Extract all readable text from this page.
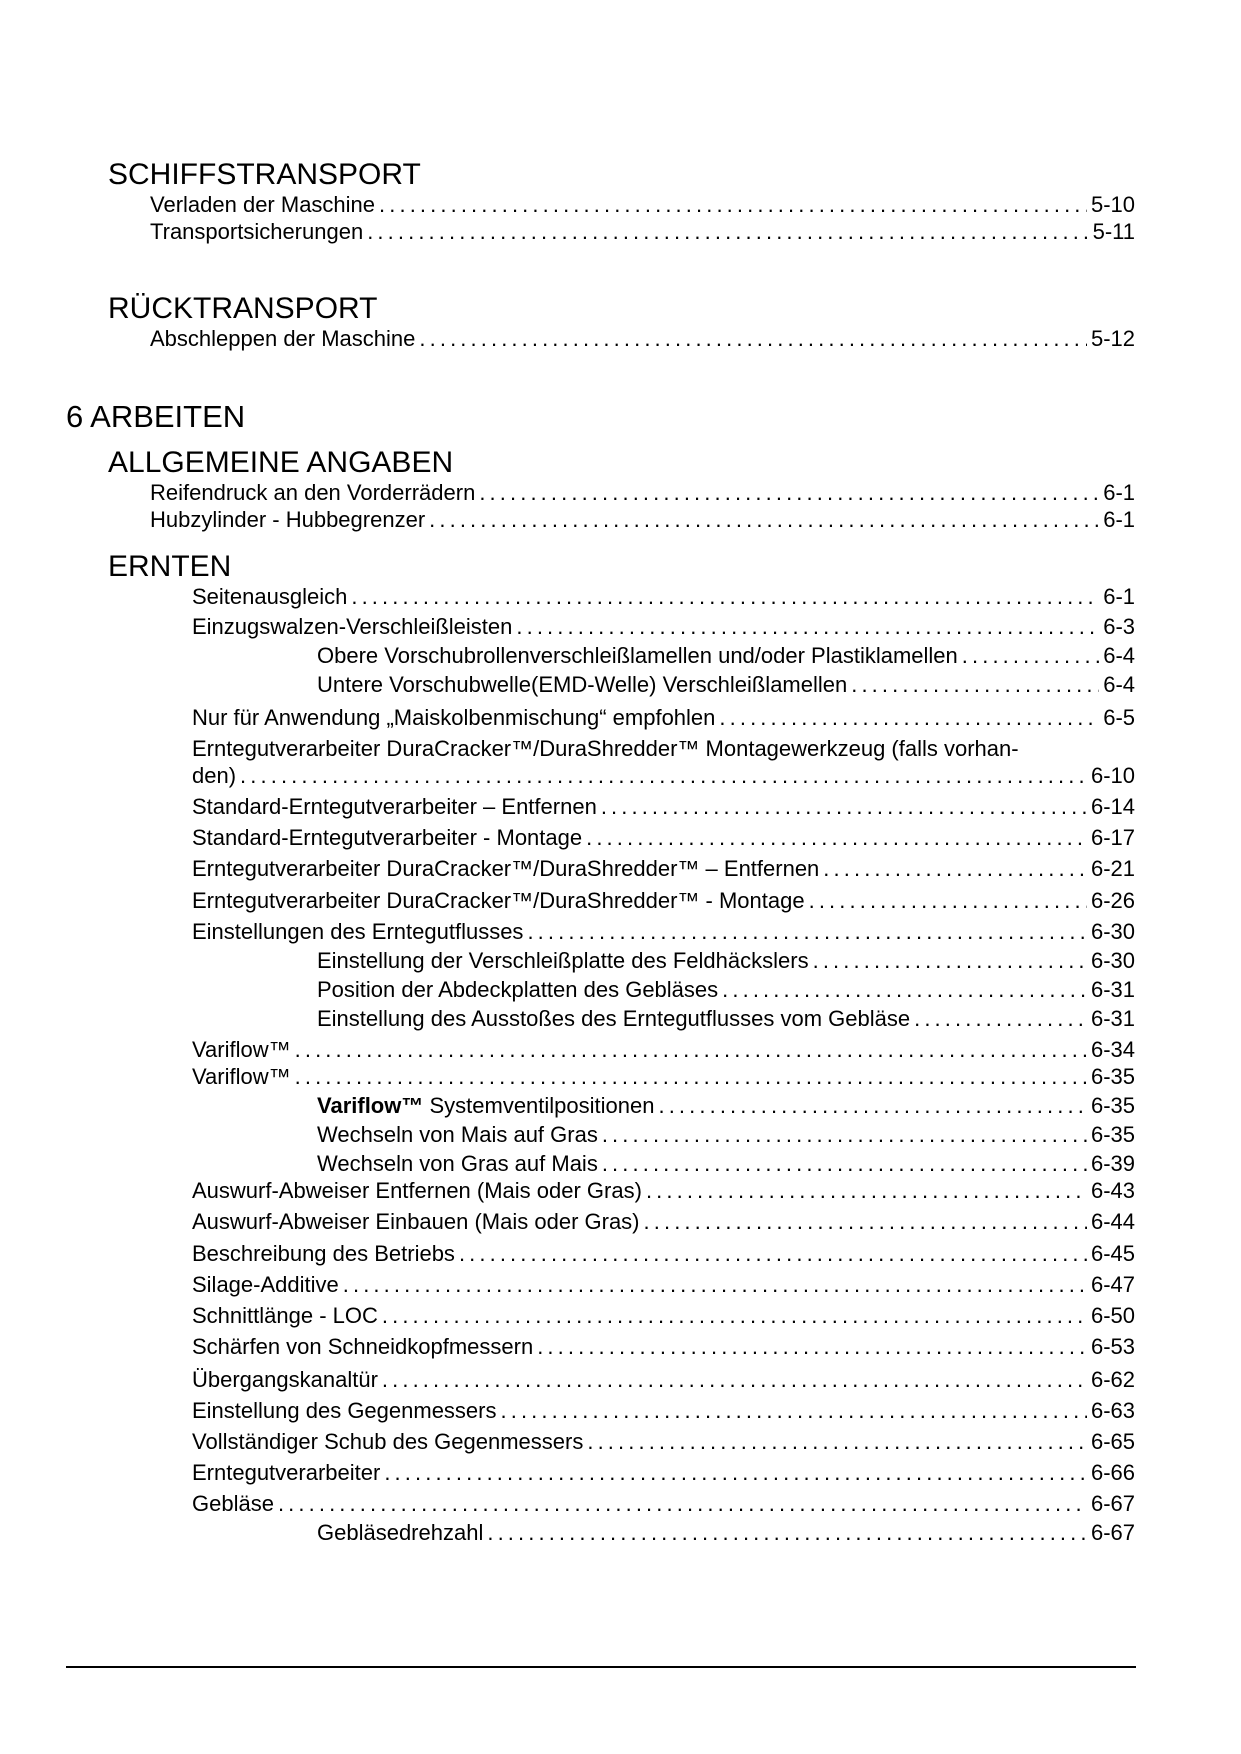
SCHIFFSTRANSPORT
Verladen der Maschine . . .	5-10
Transportsicherungen . . .	5-11
RÜCKTRANSPORT
Abschleppen der Maschine . . .	5-12
6 ARBEITEN
ALLGEMEINE ANGABEN
Reifendruck an den Vorderrädern . . .	6-1
Hubzylinder - Hubbegrenzer . . .	6-1
ERNTEN
Seitenausgleich . . .	6-1
Einzugswalzen-Verschleißleisten . . .	6-3
Obere Vorschubrollenverschleißlamellen und/oder Plastiklamellen . . .	6-4
Untere Vorschubwelle(EMD-Welle) Verschleißlamellen . . .	6-4
Nur für Anwendung „Maiskolbenmischung“ empfohlen . . .	6-5
Erntegutverarbeiter DuraCracker™/DuraShredder™ Montagewerkzeug (falls vorhan-
den) . . .	6-10
Standard-Erntegutverarbeiter – Entfernen . . .	6-14
Standard-Erntegutverarbeiter - Montage . . .	6-17
Erntegutverarbeiter DuraCracker™/DuraShredder™ – Entfernen . . .	6-21
Erntegutverarbeiter DuraCracker™/DuraShredder™ - Montage . . .	6-26
Einstellungen des Erntegutflusses . . .	6-30
Einstellung der Verschleißplatte des Feldhäckslers . . .	6-30
Position der Abdeckplatten des Gebläses . . .	6-31
Einstellung des Ausstoßes des Erntegutflusses vom Gebläse . . .	6-31
Variflow™ . . .	6-34
Variflow™ . . .	6-35
Variflow™ Systemventilpositionen . . .	6-35
Wechseln von Mais auf Gras . . .	6-35
Wechseln von Gras auf Mais . . .	6-39
Auswurf-Abweiser Entfernen (Mais oder Gras) . . .	6-43
Auswurf-Abweiser Einbauen (Mais oder Gras) . . .	6-44
Beschreibung des Betriebs . . .	6-45
Silage-Additive . . .	6-47
Schnittlänge - LOC . . .	6-50
Schärfen von Schneidkopfmessern . . .	6-53
Übergangskanaltür . . .	6-62
Einstellung des Gegenmessers . . .	6-63
Vollständiger Schub des Gegenmessers . . .	6-65
Erntegutverarbeiter . . .	6-66
Gebläse . . .	6-67
Gebläsedrehzahl . . .	6-67
